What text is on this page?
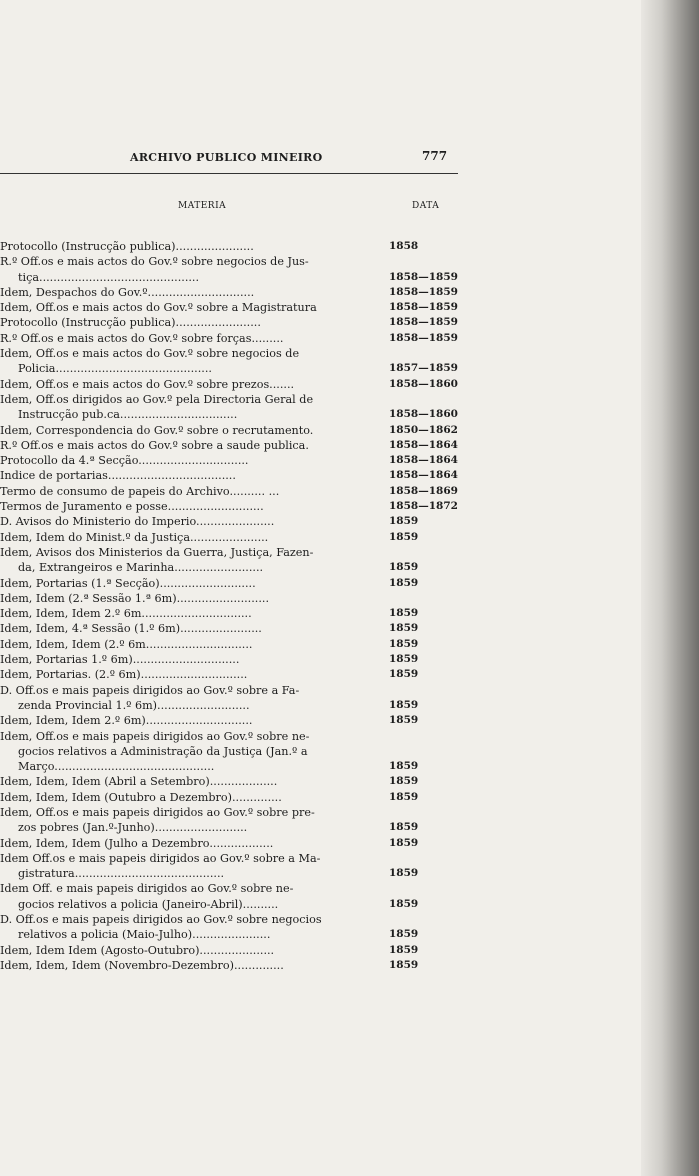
ARCHIVO PUBLICO MINEIRO	777
MATERIA	DATA
Protocollo (Instrucção publica)......................	1858
R.º Off.os e mais actos do Gov.º sobre negocios de Jus-
tiça.............................................	1858—1859
Idem, Despachos do Gov.º..............................	1858—1859
Idem, Off.os e mais actos do Gov.º sobre a Magistratura	1858—1859
Protocollo (Instrucção publica)........................	1858—1859
R.º Off.os e mais actos do Gov.º sobre forças.........	1858—1859
Idem, Off.os e mais actos do Gov.º sobre negocios de
Policia............................................	1857—1859
Idem, Off.os e mais actos do Gov.º sobre prezos.......	1858—1860
Idem, Off.os dirigidos ao Gov.º pela Directoria Geral de
Instrucção pub.ca.................................	1858—1860
Idem, Correspondencia do Gov.º sobre o recrutamento.	1850—1862
R.º Off.os e mais actos do Gov.º sobre a saude publica.	1858—1864
Protocollo da 4.ª Secção...............................	1858—1864
Indice de portarias....................................	1858—1864
Termo de consumo de papeis do Archivo.......... ...	1858—1869
Termos de Juramento e posse...........................	1858—1872
D. Avisos do Ministerio do Imperio......................	1859
Idem, Idem do Minist.º da Justiça......................	1859
Idem, Avisos dos Ministerios da Guerra, Justiça, Fazen-
da, Extrangeiros e Marinha.........................	1859
Idem, Portarias (1.ª Secção)...........................	1859
Idem, Idem (2.ª Sessão 1.ª 6m)..........................
Idem, Idem, Idem 2.º 6m...............................	1859
Idem, Idem, 4.ª Sessão (1.º 6m).......................	1859
Idem, Idem, Idem (2.º 6m..............................	1859
Idem, Portarias 1.º 6m)..............................	1859
Idem, Portarias. (2.º 6m)..............................	1859
D. Off.os e mais papeis dirigidos ao Gov.º sobre a Fa-
zenda Provincial 1.º 6m)..........................	1859
Idem, Idem, Idem 2.º 6m)..............................	1859
Idem, Off.os e mais papeis dirigidos ao Gov.º sobre ne-
gocios relativos a Administração da Justiça (Jan.º a
Março.............................................	1859
Idem, Idem, Idem (Abril a Setembro)...................	1859
Idem, Idem, Idem (Outubro a Dezembro)..............	1859
Idem, Off.os e mais papeis dirigidos ao Gov.º sobre pre-
zos pobres (Jan.º-Junho)..........................	1859
Idem, Idem, Idem (Julho a Dezembro..................	1859
Idem Off.os e mais papeis dirigidos ao Gov.º sobre a Ma-
gistratura..........................................	1859
Idem Off. e mais papeis dirigidos ao Gov.º sobre ne-
gocios relativos a policia (Janeiro-Abril)..........	1859
D. Off.os e mais papeis dirigidos ao Gov.º sobre negocios
relativos a policia (Maio-Julho)......................	1859
Idem, Idem Idem (Agosto-Outubro).....................	1859
Idem, Idem, Idem (Novembro-Dezembro)..............	1859
